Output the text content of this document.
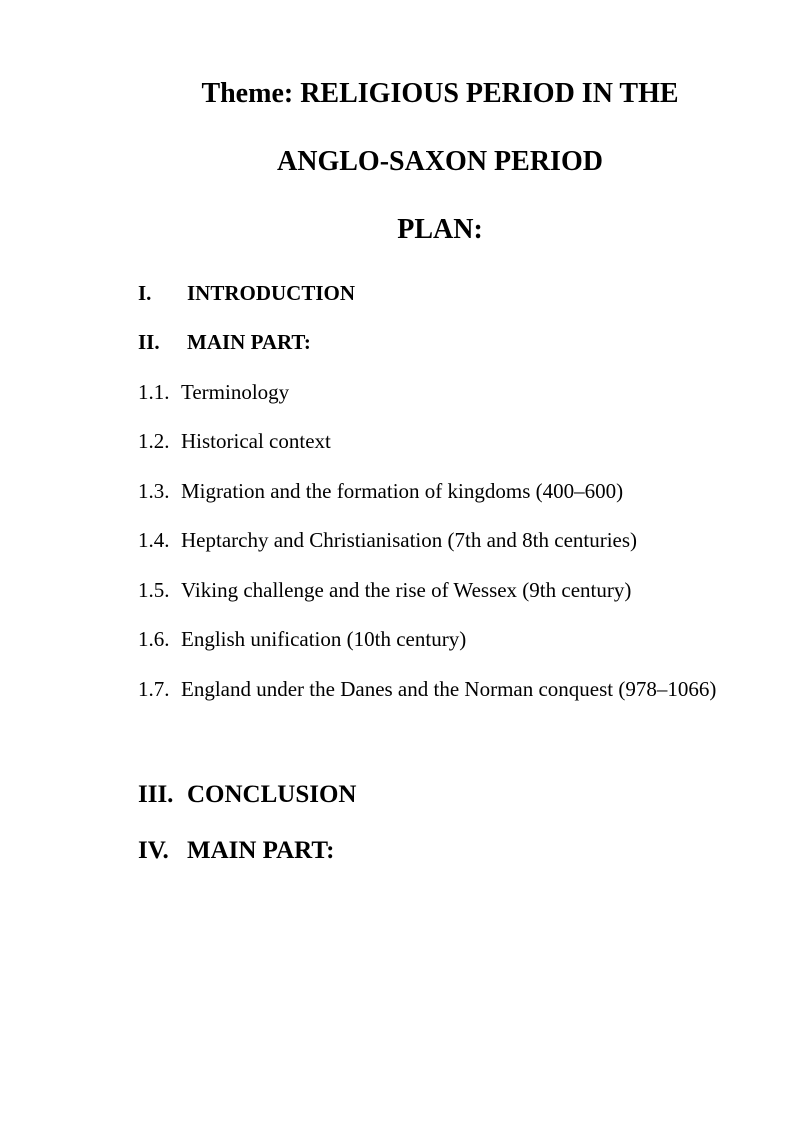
Theme: RELIGIOUS PERIOD IN THE
ANGLO-SAXON PERIOD
PLAN:
I. INTRODUCTION
II. MAIN PART:
1.1. Terminology
1.2. Historical context
1.3. Migration and the formation of kingdoms (400–600)
1.4. Heptarchy and Christianisation (7th and 8th centuries)
1.5. Viking challenge and the rise of Wessex (9th century)
1.6. English unification (10th century)
1.7. England under the Danes and the Norman conquest (978–1066)
III. CONCLUSION
IV. MAIN PART:
